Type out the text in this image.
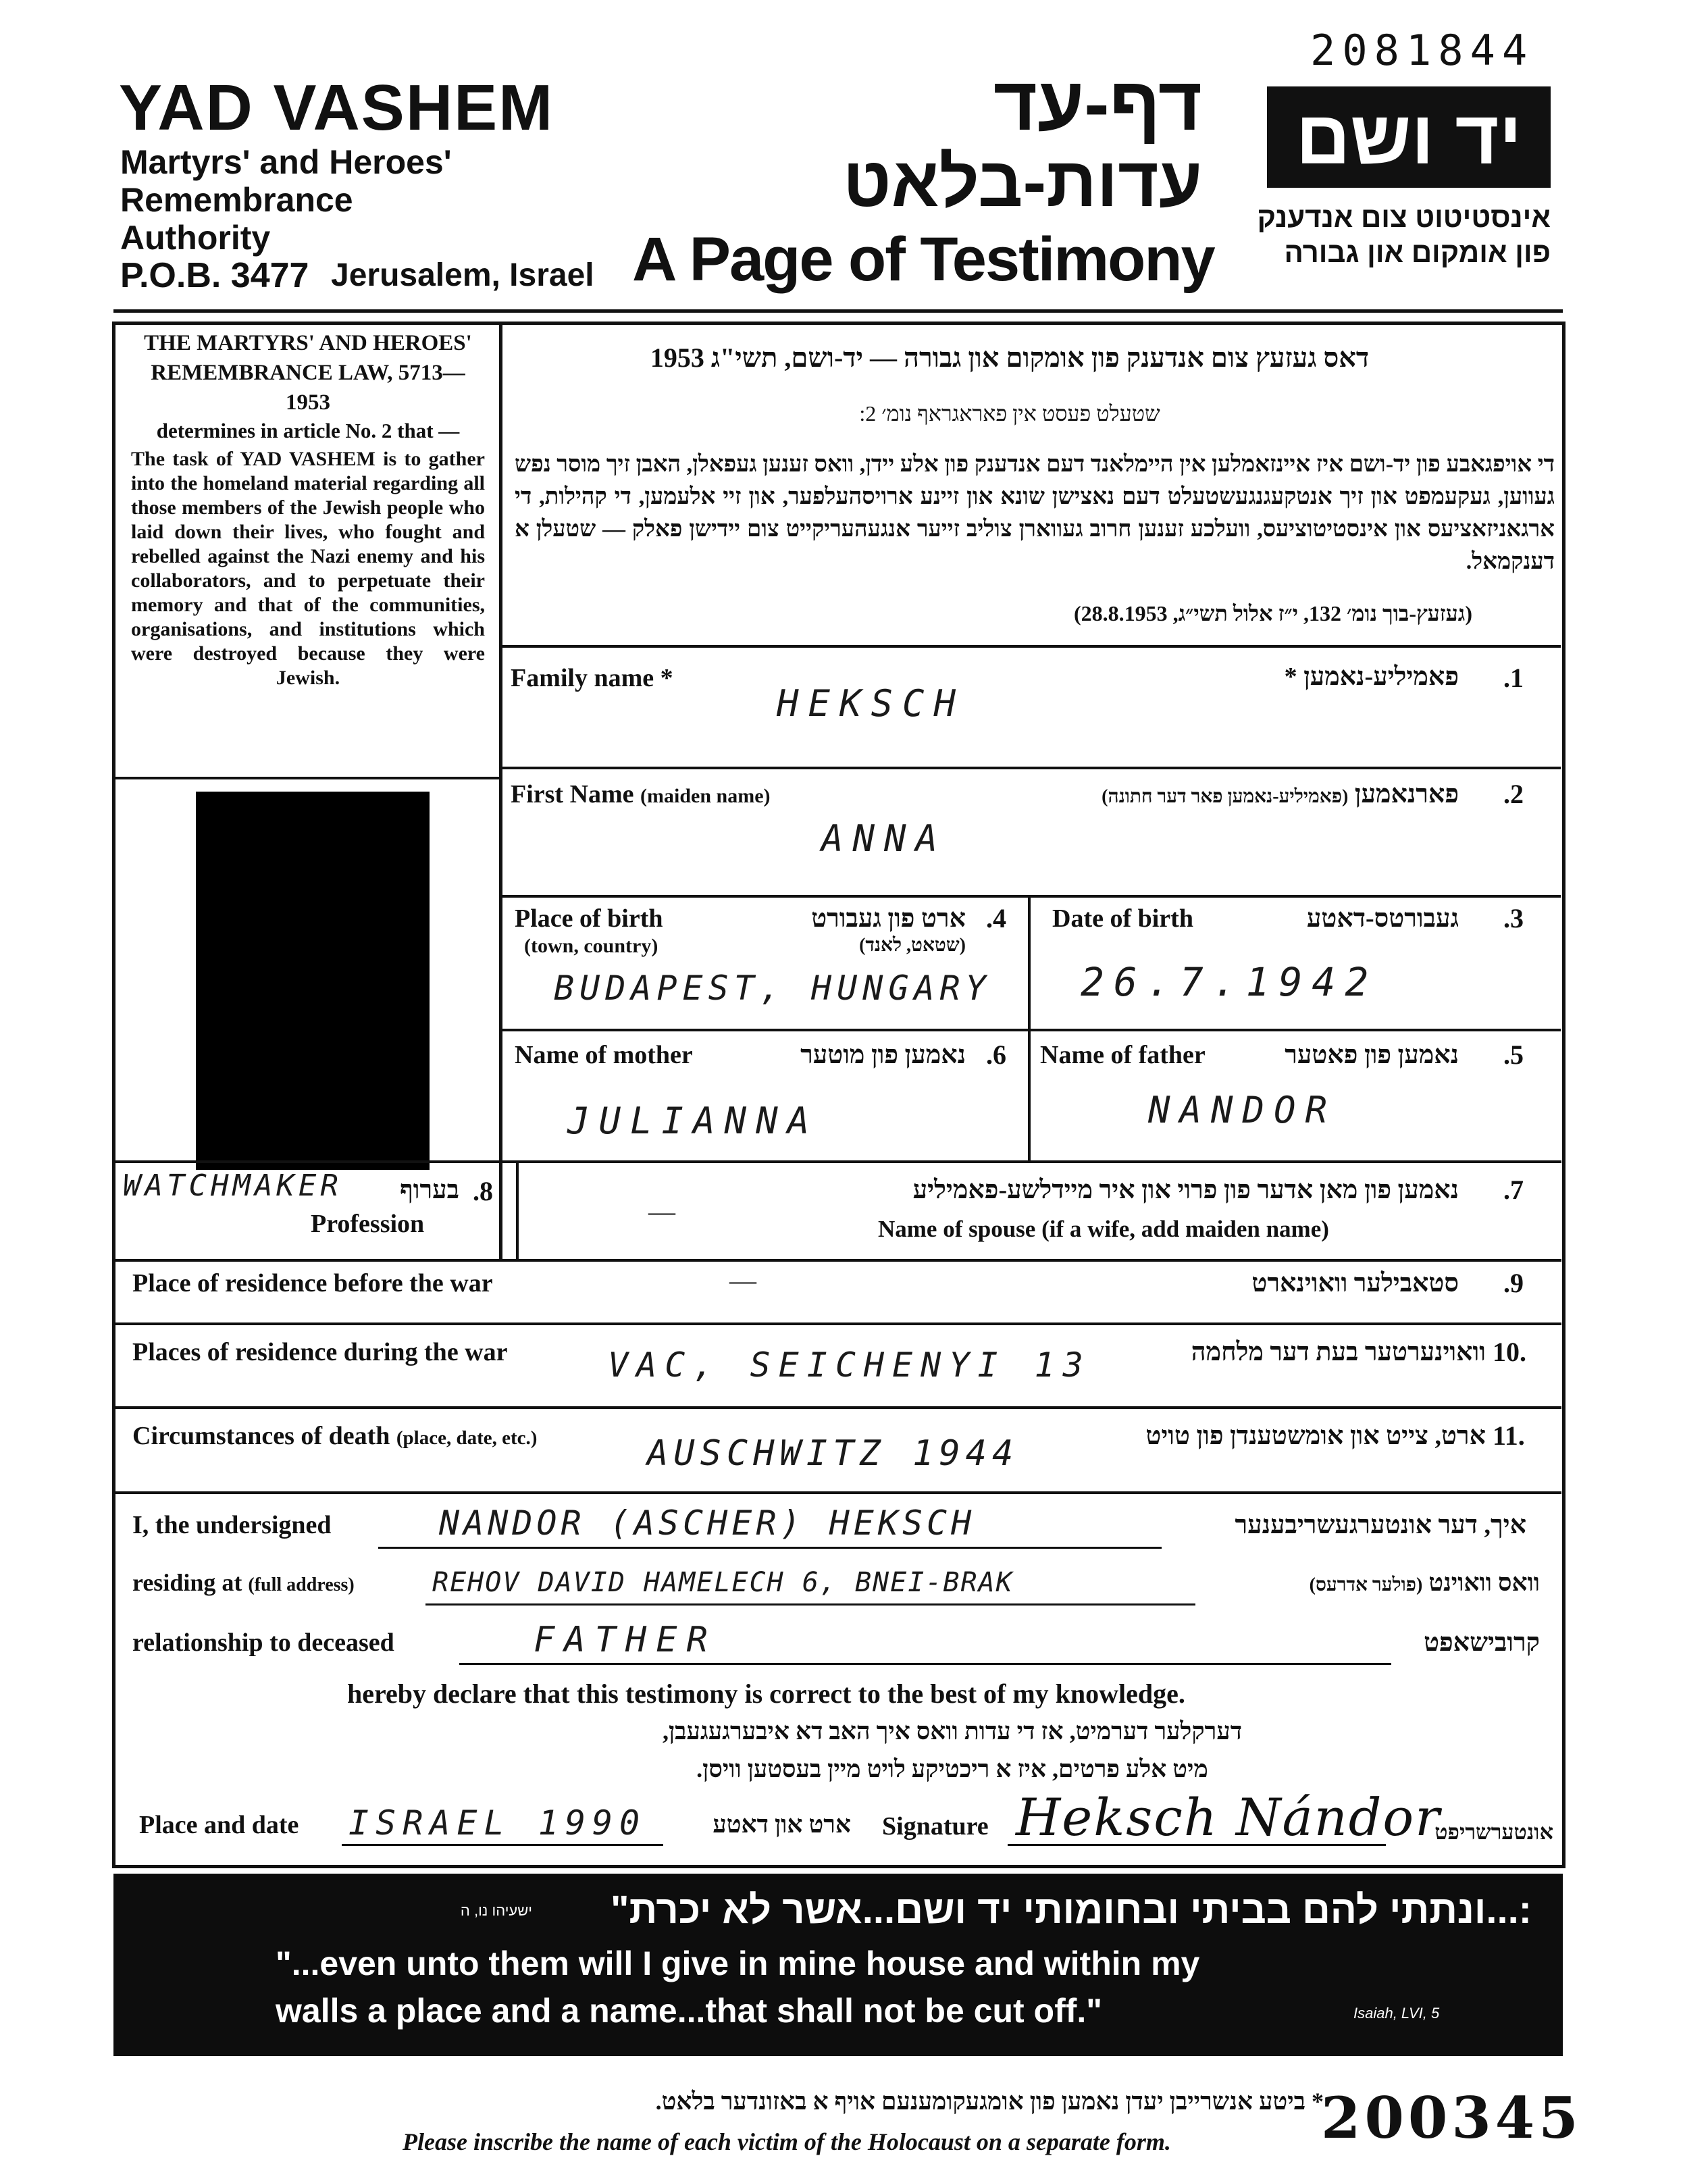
2081844
YAD VASHEM
Martyrs' and Heroes'
Remembrance
Authority
P.O.B. 3477 Jerusalem, Israel
דף-עד
עדות-בלאט
A Page of Testimony
יד ושם
אינסטיטוט צום אנדענק
פון אומקום און גבורה
THE MARTYRS' AND HEROES' REMEMBRANCE LAW, 5713—1953
determines in article No. 2 that —
The task of YAD VASHEM is to gather into the homeland material regarding all those members of the Jewish people who laid down their lives, who fought and rebelled against the Nazi enemy and his collaborators, and to perpetuate their memory and that of the communities, organisations, and institutions which were destroyed because they were Jewish.
דאס געזעץ צום אנדענק פון אומקום און גבורה — יד-ושם, תשי"ג 1953
שטעלט פעסט אין פאראגראף נומ׳ 2:
די אויפגאבע פון יד-ושם איז איינזאמלען אין היימלאנד דעם אנדענק פון אלע יידן, וואס זענען געפאלן, האבן זיך מוסר נפש געווען, געקעמפט און זיך אנטקעגנגעשטעלט דעם נאצישן שונא און זיינע ארויסהעלפער, און זיי אלעמען, די קהילות, די ארגאניזאציעס און אינסטיטוציעס, וועלכע זענען חרוב געווארן צוליב זייער אנגעהעריקייט צום יידישן פאלק — שטעלן א דענקמאל.
(געזעץ-בוך נומ׳ 132, י״ז אלול תשי״ג, 28.8.1953)
Family name *	פאמיליע-נאמען * .1
HEKSCH
First Name (maiden name)	פארנאמען (פאמיליע-נאמען פאר דער חתונה)	.2
ANNA
Place of birth
(town, country)
ארט פון געבורט
(שטאט, לאנד)
.4
BUDAPEST, HUNGARY
Date of birth	געבורטס-דאטע .3
26.7.1942
Name of mother	נאמען פון מוטער .6
JULIANNA
Name of father	נאמען פון פאטער .5
NANDOR
WATCHMAKER	בערוף .8
Profession
נאמען פון מאן אדער פון פרוי און איר מיידלשע-פאמיליע .7
—
Name of spouse (if a wife, add maiden name)
Place of residence before the war	—	סטאבילער וואוינארט .9
Places of residence during the war	VAC, SEICHENYI 13	וואוינערטער בעת דער מלחמה 10.
Circumstances of death (place, date, etc.)	AUSCHWITZ 1944	ארט, צייט און אומשטענדן פון טויט 11.
I, the undersigned	NANDOR (ASCHER) HEKSCH	איך, דער אונטערגעשריבענער
residing at (full address)	REHOV DAVID HAMELECH 6, BNEI-BRAK	וואס וואוינט (פולער אדרעס)
relationship to deceased	FATHER	קרובישאפט
hereby declare that this testimony is correct to the best of my knowledge.
דערקלער דערמיט, אז די עדות וואס איך האב דא איבערגעגעבן,
מיט אלע פרטים, איז א ריכטיקע לויט מיין בעסטען וויסן.
Place and date ISRAEL 1990	ארט און דאטע Signature Heksch Nándor
אונטערשריפט
:...ונתתי להם בביתי ובחומותי יד ושם...אשר לא יכרת"
ישעיהו נו, ה
"...even unto them will I give in mine house and within my
walls a place and a name...that shall not be cut off."	Isaiah, LVI, 5
* ביטע אנשרייבן יעדן נאמען פון אומגעקומענעם אויף א באזונדער בלאט.
Please inscribe the name of each victim of the Holocaust on a separate form.	200345
